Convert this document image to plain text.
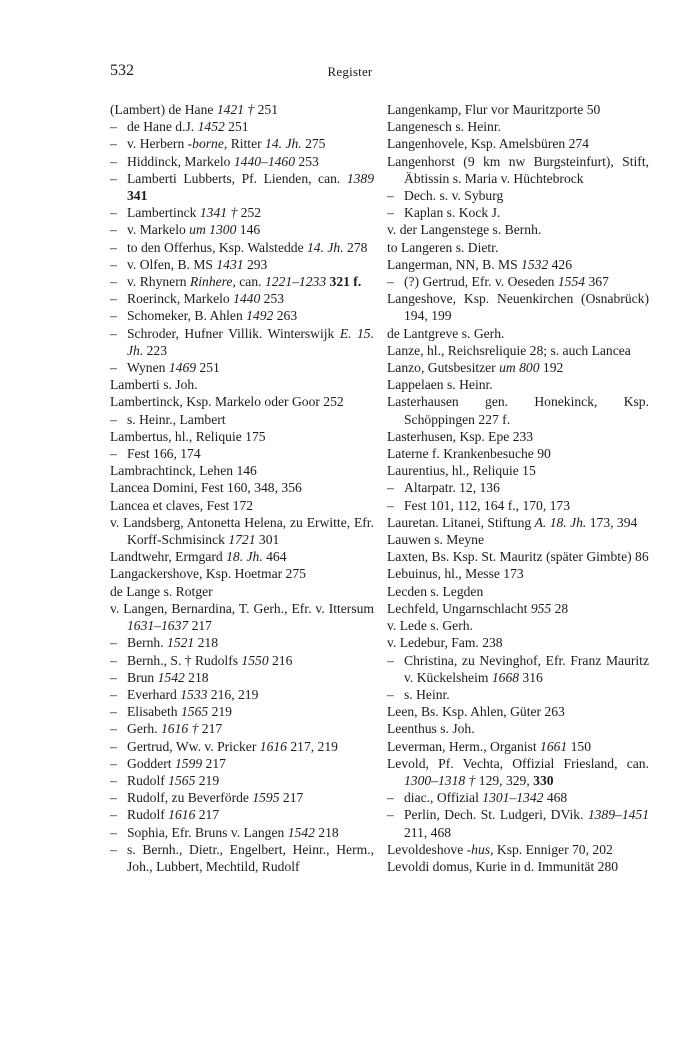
532	Register
(Lambert) de Hane 1421 † 251
– de Hane d.J. 1452 251
– v. Herbern -borne, Ritter 14. Jh. 275
– Hiddinck, Markelo 1440–1460 253
– Lamberti Lubberts, Pf. Lienden, can. 1389 341
– Lambertinck 1341 † 252
– v. Markelo um 1300 146
– to den Offerhus, Ksp. Walstedde 14. Jh. 278
– v. Olfen, B. MS 1431 293
– v. Rhynern Rinhere, can. 1221–1233 321 f.
– Roerinck, Markelo 1440 253
– Schomeker, B. Ahlen 1492 263
– Schroder, Hufner Villik. Winterswijk E. 15. Jh. 223
– Wynen 1469 251
Lamberti s. Joh.
Lambertinck, Ksp. Markelo oder Goor 252
– s. Heinr., Lambert
Lambertus, hl., Reliquie 175
– Fest 166, 174
Lambrachtinck, Lehen 146
Lancea Domini, Fest 160, 348, 356
Lancea et claves, Fest 172
v. Landsberg, Antonetta Helena, zu Erwitte, Efr. Korff-Schmisinck 1721 301
Landtwehr, Ermgard 18. Jh. 464
Langackershove, Ksp. Hoetmar 275
de Lange s. Rotger
v. Langen, Bernardina, T. Gerh., Efr. v. Ittersum 1631–1637 217
– Bernh. 1521 218
– Bernh., S. † Rudolfs 1550 216
– Brun 1542 218
– Everhard 1533 216, 219
– Elisabeth 1565 219
– Gerh. 1616 † 217
– Gertrud, Ww. v. Pricker 1616 217, 219
– Goddert 1599 217
– Rudolf 1565 219
– Rudolf, zu Beverförde 1595 217
– Rudolf 1616 217
– Sophia, Efr. Bruns v. Langen 1542 218
– s. Bernh., Dietr., Engelbert, Heinr., Herm., Joh., Lubbert, Mechtild, Rudolf
Langenkamp, Flur vor Mauritzporte 50
Langenesch s. Heinr.
Langenhovele, Ksp. Amelsbüren 274
Langenhorst (9 km nw Burgsteinfurt), Stift, Äbtissin s. Maria v. Hüchtebrock
– Dech. s. v. Syburg
– Kaplan s. Kock J.
v. der Langenstege s. Bernh.
to Langeren s. Dietr.
Langerman, NN, B. MS 1532 426
– (?) Gertrud, Efr. v. Oeseden 1554 367
Langeshove, Ksp. Neuenkirchen (Osnabrück) 194, 199
de Lantgreve s. Gerh.
Lanze, hl., Reichsreliquie 28; s. auch Lancea
Lanzo, Gutsbesitzer um 800 192
Lappelaen s. Heinr.
Lasterhausen gen. Honekinck, Ksp. Schöppingen 227 f.
Lasterhusen, Ksp. Epe 233
Laterne f. Krankenbesuche 90
Laurentius, hl., Reliquie 15
– Altarpatr. 12, 136
– Fest 101, 112, 164 f., 170, 173
Lauretan. Litanei, Stiftung A. 18. Jh. 173, 394
Lauwen s. Meyne
Laxten, Bs. Ksp. St. Mauritz (später Gimbte) 86
Lebuinus, hl., Messe 173
Lecden s. Legden
Lechfeld, Ungarnschlacht 955 28
v. Lede s. Gerh.
v. Ledebur, Fam. 238
– Christina, zu Nevinghof, Efr. Franz Mauritz v. Kückelsheim 1668 316
– s. Heinr.
Leen, Bs. Ksp. Ahlen, Güter 263
Leenthus s. Joh.
Leverman, Herm., Organist 1661 150
Levold, Pf. Vechta, Offizial Friesland, can. 1300–1318 † 129, 329, 330
– diac., Offizial 1301–1342 468
– Perlin, Dech. St. Ludgeri, DVik. 1389–1451 211, 468
Levoldeshove -hus, Ksp. Enniger 70, 202
Levoldi domus, Kurie in d. Immunität 280
